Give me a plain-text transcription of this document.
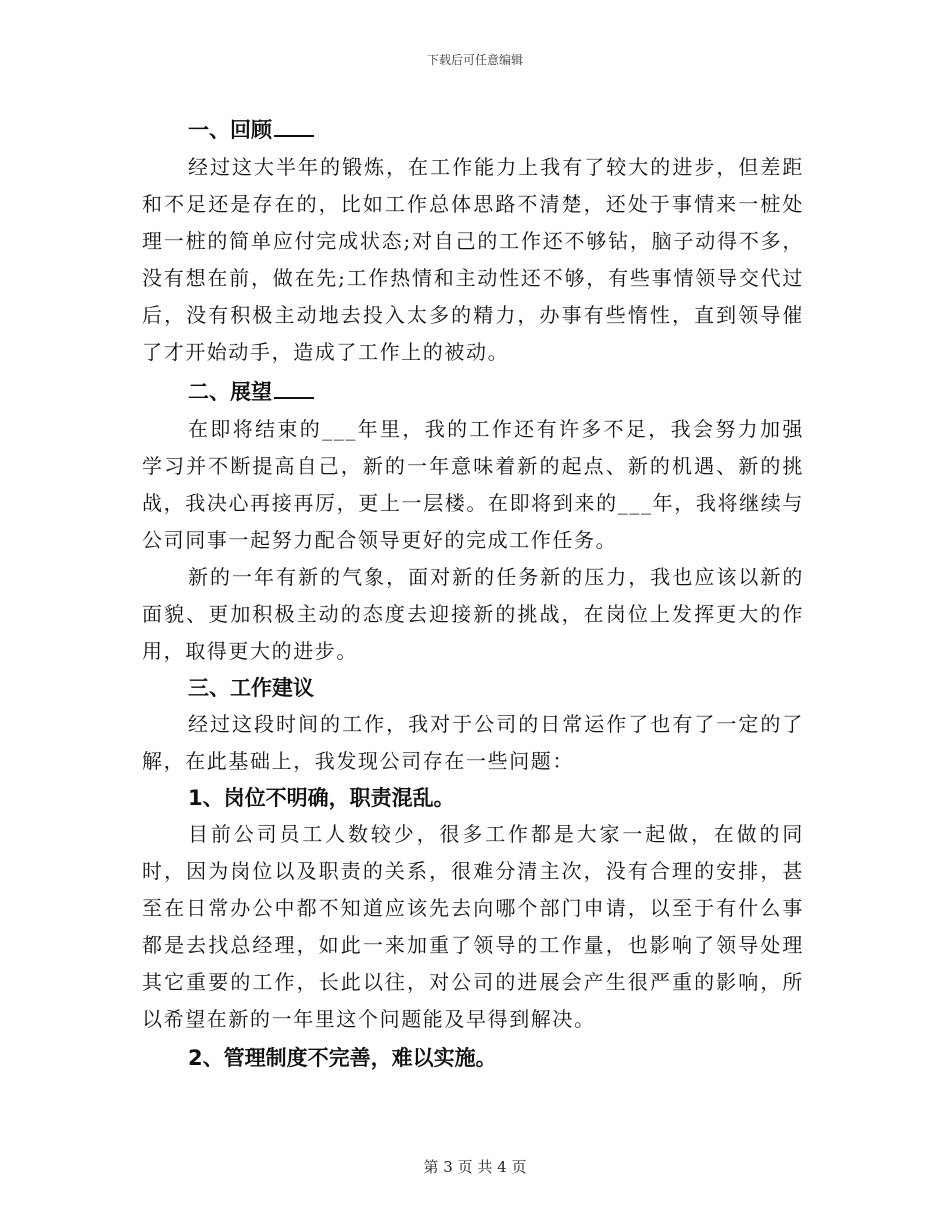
下载后可任意编辑

一、回顾

经过这大半年的锻炼，在工作能力上我有了较大的进步，但差距和不足还是存在的，比如工作总体思路不清楚，还处于事情来一桩处理一桩的简单应付完成状态;对自己的工作还不够钻，脑子动得不多，没有想在前，做在先;工作热情和主动性还不够，有些事情领导交代过后，没有积极主动地去投入太多的精力，办事有些惰性，直到领导催了才开始动手，造成了工作上的被动。

二、展望

在即将结束的___年里，我的工作还有许多不足，我会努力加强学习并不断提高自己，新的一年意味着新的起点、新的机遇、新的挑战，我决心再接再厉，更上一层楼。在即将到来的___年，我将继续与公司同事一起努力配合领导更好的完成工作任务。

新的一年有新的气象，面对新的任务新的压力，我也应该以新的面貌、更加积极主动的态度去迎接新的挑战，在岗位上发挥更大的作用，取得更大的进步。

三、工作建议

经过这段时间的工作，我对于公司的日常运作了也有了一定的了解，在此基础上，我发现公司存在一些问题：

1、岗位不明确，职责混乱。

目前公司员工人数较少，很多工作都是大家一起做，在做的同时，因为岗位以及职责的关系，很难分清主次，没有合理的安排，甚至在日常办公中都不知道应该先去向哪个部门申请，以至于有什么事都是去找总经理，如此一来加重了领导的工作量，也影响了领导处理其它重要的工作，长此以往，对公司的进展会产生很严重的影响，所以希望在新的一年里这个问题能及早得到解决。

2、管理制度不完善，难以实施。

第 3 页 共 4 页
